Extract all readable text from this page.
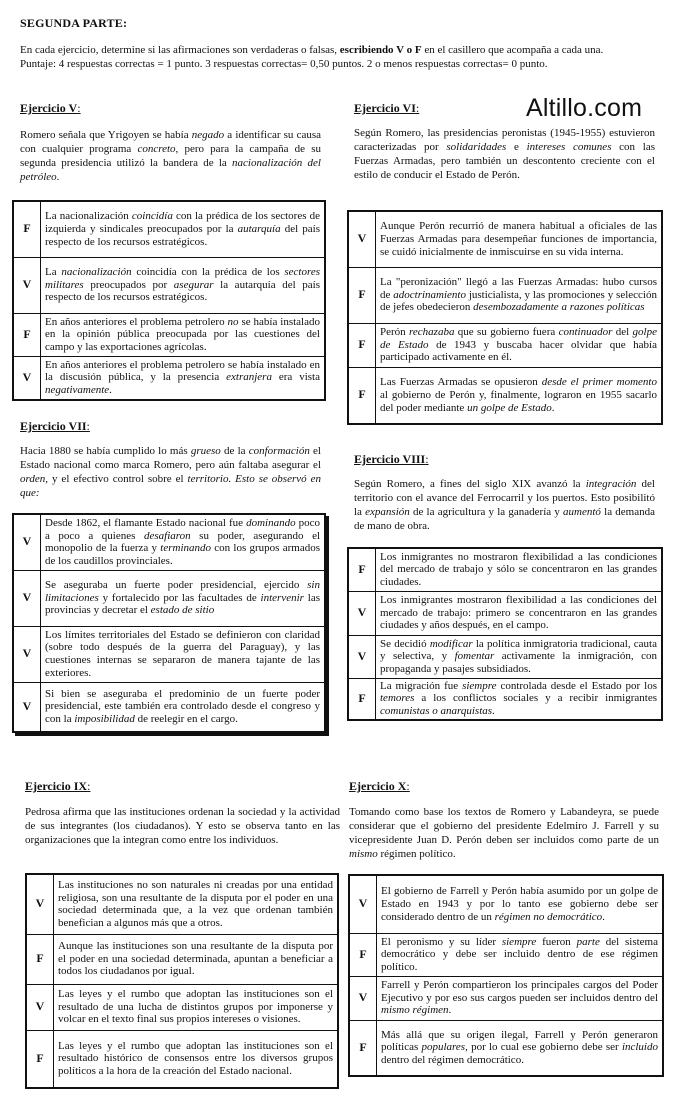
SEGUNDA PARTE:
En cada ejercicio, determine si las afirmaciones son verdaderas o falsas, escribiendo V o F en el casillero que acompaña a cada una.
Puntaje: 4 respuestas correctas = 1 punto. 3 respuestas correctas= 0,50 puntos. 2 o menos respuestas correctas= 0 punto.
Altillo.com
Ejercicio V:
Romero señala que Yrigoyen se había negado a identificar su causa con cualquier programa concreto, pero para la campaña de su segunda presidencia utilizó la bandera de la nacionalización del petróleo.
F	La nacionalización coincidía con la prédica de los sectores de izquierda y sindicales preocupados por la autarquía del país respecto de los recursos estratégicos.
V	La nacionalización coincidía con la prédica de los sectores militares preocupados por asegurar la autarquía del país respecto de los recursos estratégicos.
F	En años anteriores el problema petrolero no se había instalado en la opinión pública preocupada por las cuestiones del campo y las exportaciones agrícolas.
V	En años anteriores el problema petrolero se había instalado en la discusión pública, y la presencia extranjera era vista negativamente.
Ejercicio VI:
Según Romero, las presidencias peronistas (1945-1955) estuvieron caracterizadas por solidaridades e intereses comunes con las Fuerzas Armadas, pero también un descontento creciente con el estilo de conducir el Estado de Perón.
V	Aunque Perón recurrió de manera habitual a oficiales de las Fuerzas Armadas para desempeñar funciones de importancia, se cuidó inicialmente de inmiscuirse en su vida interna.
F	La "peronización" llegó a las Fuerzas Armadas: hubo cursos de adoctrinamiento justicialista, y las promociones y selección de jefes obedecieron desembozadamente a razones políticas
F	Perón rechazaba que su gobierno fuera continuador del golpe de Estado de 1943 y buscaba hacer olvidar que había participado activamente en él.
F	Las Fuerzas Armadas se opusieron desde el primer momento al gobierno de Perón y, finalmente, lograron en 1955 sacarlo del poder mediante un golpe de Estado.
Ejercicio VII:
Hacia 1880 se había cumplido lo más grueso de la conformación el Estado nacional como marca Romero, pero aún faltaba asegurar el orden, y el efectivo control sobre el territorio. Esto se observó en que:
V	Desde 1862, el flamante Estado nacional fue dominando poco a poco a quienes desafiaron su poder, asegurando el monopolio de la fuerza y terminando con los grupos armados de los caudillos provinciales.
V	Se aseguraba un fuerte poder presidencial, ejercido sin limitaciones y fortalecido por las facultades de intervenir las provincias y decretar el estado de sitio
V	Los límites territoriales del Estado se definieron con claridad (sobre todo después de la guerra del Paraguay), y las cuestiones internas se separaron de manera tajante de las exteriores.
V	Si bien se aseguraba el predominio de un fuerte poder presidencial, este también era controlado desde el congreso y con la imposibilidad de reelegir en el cargo.
Ejercicio VIII:
Según Romero, a fines del siglo XIX avanzó la integración del territorio con el avance del Ferrocarril y los puertos. Esto posibilitó la expansión de la agricultura y la ganadería y aumentó la demanda de mano de obra.
F	Los inmigrantes no mostraron flexibilidad a las condiciones del mercado de trabajo y sólo se concentraron en las grandes ciudades.
V	Los inmigrantes mostraron flexibilidad a las condiciones del mercado de trabajo: primero se concentraron en las grandes ciudades y años después, en el campo.
V	Se decidió modificar la política inmigratoria tradicional, cauta y selectiva, y fomentar activamente la inmigración, con propaganda y pasajes subsidiados.
F	La migración fue siempre controlada desde el Estado por los temores a los conflictos sociales y a recibir inmigrantes comunistas o anarquistas.
Ejercicio IX:
Pedrosa afirma que las instituciones ordenan la sociedad y la actividad de sus integrantes (los ciudadanos). Y esto se observa tanto en las organizaciones que la integran como entre los individuos.
V	Las instituciones no son naturales ni creadas por una entidad religiosa, son una resultante de la disputa por el poder en una sociedad determinada que, a la vez que ordenan también benefician a algunos más que a otros.
F	Aunque las instituciones son una resultante de la disputa por el poder en una sociedad determinada, apuntan a beneficiar a todos los ciudadanos por igual.
V	Las leyes y el rumbo que adoptan las instituciones son el resultado de una lucha de distintos grupos por imponerse y volcar en el texto final sus propios intereses o visiones.
F	Las leyes y el rumbo que adoptan las instituciones son el resultado histórico de consensos entre los diversos grupos políticos a la hora de la creación del Estado nacional.
Ejercicio X:
Tomando como base los textos de Romero y Labandeyra, se puede considerar que el gobierno del presidente Edelmiro J. Farrell y su vicepresidente Juan D. Perón deben ser incluidos como parte de un mismo régimen político.
V	El gobierno de Farrell y Perón había asumido por un golpe de Estado en 1943 y por lo tanto ese gobierno debe ser considerado dentro de un régimen no democrático.
F	El peronismo y su líder siempre fueron parte del sistema democrático y debe ser incluido dentro de ese régimen político.
V	Farrell y Perón compartieron los principales cargos del Poder Ejecutivo y por eso sus cargos pueden ser incluidos dentro del mismo régimen.
F	Más allá que su origen ilegal, Farrell y Perón generaron políticas populares, por lo cual ese gobierno debe ser incluido dentro del régimen democrático.
